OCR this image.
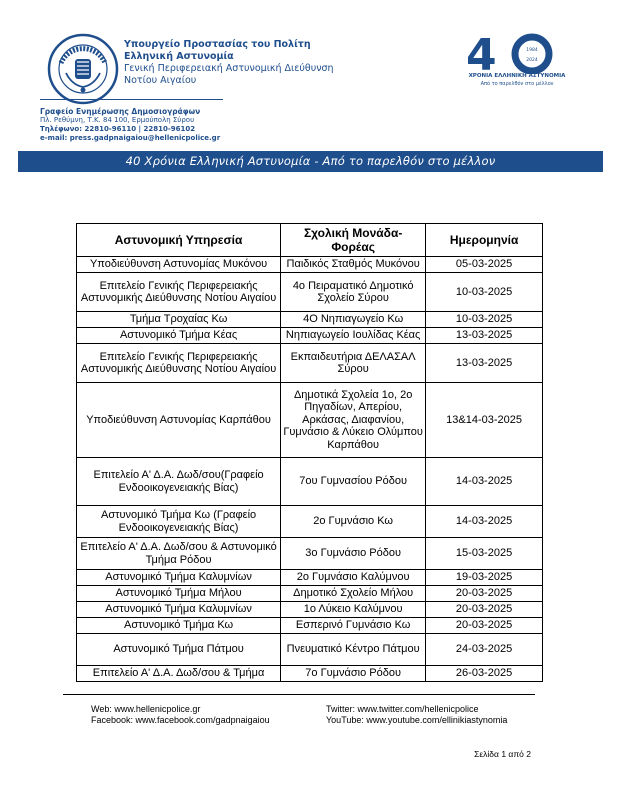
Υπουργείο Προστασίας του Πολίτη
Ελληνική Αστυνομία
Γενική Περιφερειακή Αστυνομική Διεύθυνση
Νοτίου Αιγαίου	4	1984
2024
ΧΡΟΝΙΑ ΕΛΛΗΝΙΚΗ ΑΣΤΥΝΟΜΙΑ
Από το παρελθόν στο μέλλον
Γραφείο Ενημέρωσης Δημοσιογράφων
Πλ. Ρεθύμνη, Τ.Κ. 84 100, Ερμούπολη Σύρου
Τηλέφωνο: 22810-96110 | 22810-96102
e-mail: press.gadpnaigaiou@hellenicpolice.gr
40 Χρόνια Ελληνική Αστυνομία - Από το παρελθόν στο μέλλον
Αστυνομική Υπηρεσία	Σχολική Μονάδα-Φορέας	Ημερομηνία
Υποδιεύθυνση Αστυνομίας Μυκόνου	Παιδικός Σταθμός Μυκόνου	05-03-2025
Επιτελείο Γενικής Περιφερειακής Αστυνομικής Διεύθυνσης Νοτίου Αιγαίου	4ο Πειραματικό Δημοτικό Σχολείο Σύρου	10-03-2025
Τμήμα Τροχαίας Κω	4Ο Νηπιαγωγείο Κω	10-03-2025
Αστυνομικό Τμήμα Κέας	Νηπιαγωγείο Ιουλίδας Κέας	13-03-2025
Επιτελείο Γενικής Περιφερειακής Αστυνομικής Διεύθυνσης Νοτίου Αιγαίου	Εκπαιδευτήρια ΔΕΛΑΣΑΛ Σύρου	13-03-2025
Υποδιεύθυνση Αστυνομίας Καρπάθου	Δημοτικά Σχολεία 1ο, 2ο Πηγαδίων, Απερίου, Αρκάσας, Διαφανίου, Γυμνάσιο & Λύκειο Ολύμπου Καρπάθου	13&14-03-2025
Επιτελείο Α' Δ.Α. Δωδ/σου(Γραφείο Ενδοοικογενειακής Βίας)	7ου Γυμνασίου Ρόδου	14-03-2025
Αστυνομικό Τμήμα Κω (Γραφείο Ενδοοικογενειακής Βίας)	2ο Γυμνάσιο Κω	14-03-2025
Επιτελείο Α' Δ.Α. Δωδ/σου & Αστυνομικό Τμήμα Ρόδου	3ο Γυμνάσιο Ρόδου	15-03-2025
Αστυνομικό Τμήμα Καλυμνίων	2ο Γυμνάσιο Καλύμνου	19-03-2025
Αστυνομικό Τμήμα Μήλου	Δημοτικό Σχολείο Μήλου	20-03-2025
Αστυνομικό Τμήμα Καλυμνίων	1ο Λύκειο Καλύμνου	20-03-2025
Αστυνομικό Τμήμα Κω	Εσπερινό Γυμνάσιο Κω	20-03-2025
Αστυνομικό Τμήμα Πάτμου	Πνευματικό Κέντρο Πάτμου	24-03-2025
Επιτελείο Α' Δ.Α. Δωδ/σου & Τμήμα	7ο Γυμνάσιο Ρόδου	26-03-2025
Web: www.hellenicpolice.gr
Facebook: www.facebook.com/gadpnaigaiou
Twitter: www.twitter.com/hellenicpolice
YouTube: www.youtube.com/ellinikiastynomia
Σελίδα 1 από 2
